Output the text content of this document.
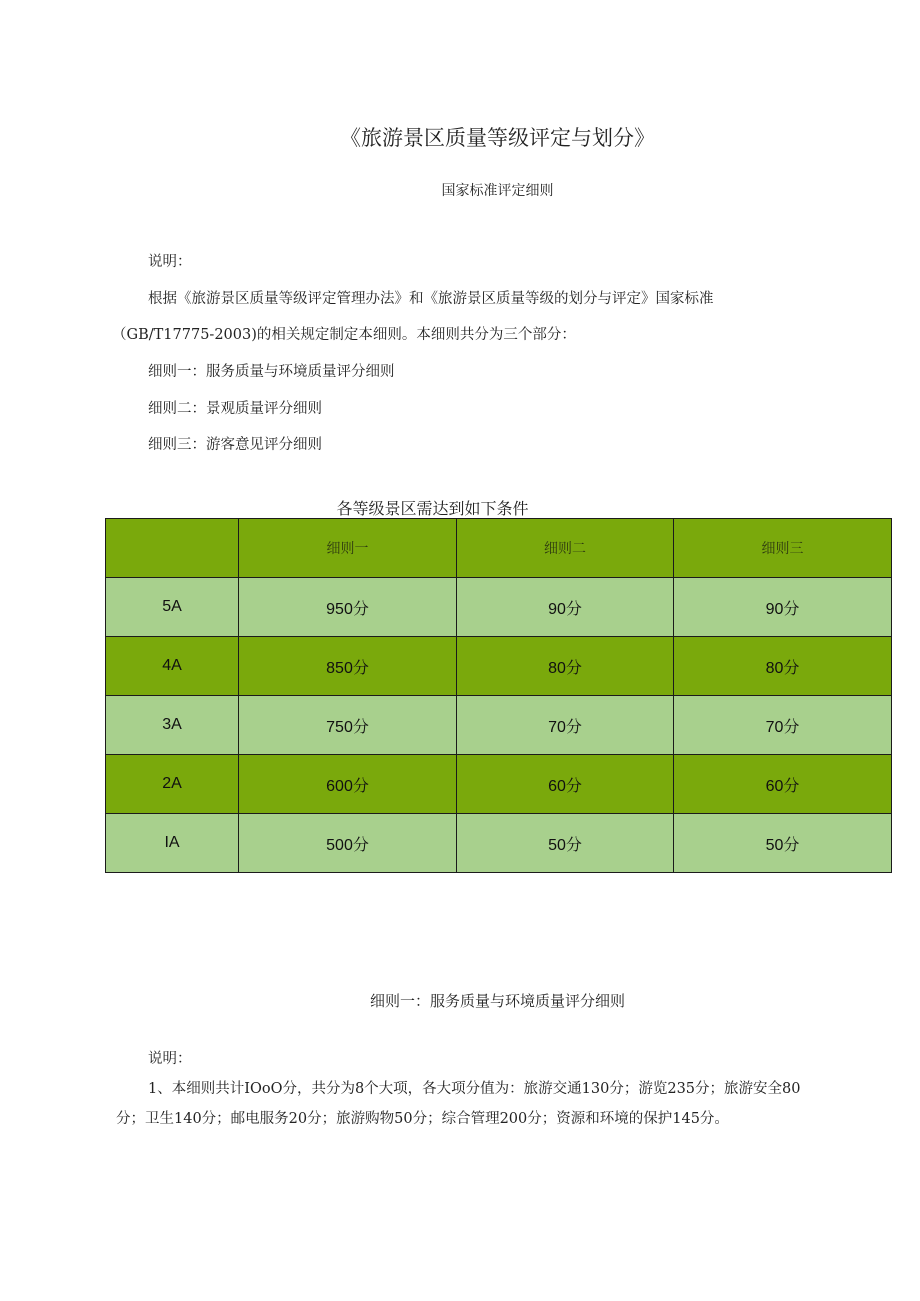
《旅游景区质量等级评定与划分》
国家标准评定细则
说明：
根据《旅游景区质量等级评定管理办法》和《旅游景区质量等级的划分与评定》国家标准
（GB/T17775-2003)的相关规定制定本细则。本细则共分为三个部分：
细则一：服务质量与环境质量评分细则
细则二：景观质量评分细则
细则三：游客意见评分细则
各等级景区需达到如下条件
	细则一	细则二	细则三
5A	950分	90分	90分
4A	850分	80分	80分
3A	750分	70分	70分
2A	600分	60分	60分
IA	500分	50分	50分
细则一：服务质量与环境质量评分细则
说明：
1、本细则共计IOoO分，共分为8个大项，各大项分值为：旅游交通130分；游览235分；旅游安全80
分；卫生140分；邮电服务20分；旅游购物50分；综合管理200分；资源和环境的保护145分。
